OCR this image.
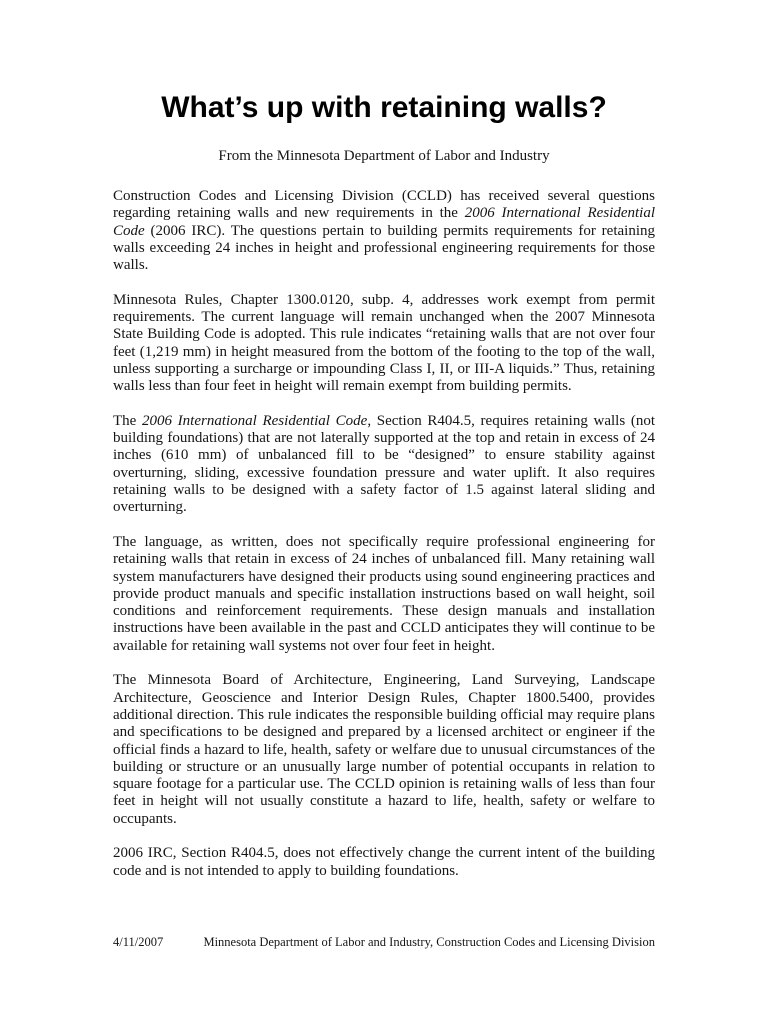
What’s up with retaining walls?

From the Minnesota Department of Labor and Industry

Construction Codes and Licensing Division (CCLD) has received several questions regarding retaining walls and new requirements in the 2006 International Residential Code (2006 IRC). The questions pertain to building permits requirements for retaining walls exceeding 24 inches in height and professional engineering requirements for those walls.

Minnesota Rules, Chapter 1300.0120, subp. 4, addresses work exempt from permit requirements. The current language will remain unchanged when the 2007 Minnesota State Building Code is adopted. This rule indicates “retaining walls that are not over four feet (1,219 mm) in height measured from the bottom of the footing to the top of the wall, unless supporting a surcharge or impounding Class I, II, or III-A liquids.” Thus, retaining walls less than four feet in height will remain exempt from building permits.

The 2006 International Residential Code, Section R404.5, requires retaining walls (not building foundations) that are not laterally supported at the top and retain in excess of 24 inches (610 mm) of unbalanced fill to be “designed” to ensure stability against overturning, sliding, excessive foundation pressure and water uplift. It also requires retaining walls to be designed with a safety factor of 1.5 against lateral sliding and overturning.

The language, as written, does not specifically require professional engineering for retaining walls that retain in excess of 24 inches of unbalanced fill. Many retaining wall system manufacturers have designed their products using sound engineering practices and provide product manuals and specific installation instructions based on wall height, soil conditions and reinforcement requirements. These design manuals and installation instructions have been available in the past and CCLD anticipates they will continue to be available for retaining wall systems not over four feet in height.

The Minnesota Board of Architecture, Engineering, Land Surveying, Landscape Architecture, Geoscience and Interior Design Rules, Chapter 1800.5400, provides additional direction. This rule indicates the responsible building official may require plans and specifications to be designed and prepared by a licensed architect or engineer if the official finds a hazard to life, health, safety or welfare due to unusual circumstances of the building or structure or an unusually large number of potential occupants in relation to square footage for a particular use. The CCLD opinion is retaining walls of less than four feet in height will not usually constitute a hazard to life, health, safety or welfare to occupants.

2006 IRC, Section R404.5, does not effectively change the current intent of the building code and is not intended to apply to building foundations.

4/11/2007	Minnesota Department of Labor and Industry, Construction Codes and Licensing Division
